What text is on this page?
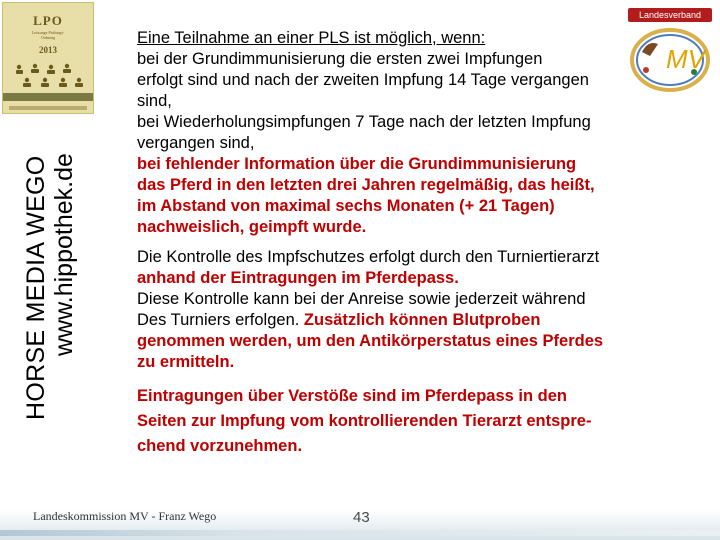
LPO
Leistungs-Prüfungs-
Ordnung
2013
HORSE MEDIA WEGO www.hippothek.de
Landesverband
MV
Eine Teilnahme an einer PLS ist möglich, wenn:
bei der Grundimmunisierung die ersten zwei Impfungen
erfolgt sind und nach der zweiten Impfung 14 Tage vergangen
sind,
bei Wiederholungsimpfungen 7 Tage nach der letzten Impfung
vergangen sind,
bei fehlender Information über die Grundimmunisierung
das Pferd in den letzten drei Jahren regelmäßig, das heißt,
im Abstand von maximal sechs Monaten (+ 21 Tagen)
nachweislich, geimpft wurde.
Die Kontrolle des Impfschutzes erfolgt durch den Turniertierarzt
anhand der Eintragungen im Pferdepass.
Diese Kontrolle kann bei der Anreise sowie jederzeit während
Des Turniers erfolgen. Zusätzlich können Blutproben
genommen werden, um den Antikörperstatus eines Pferdes
zu ermitteln.
Eintragungen über Verstöße sind im Pferdepass in den
Seiten zur Impfung vom kontrollierenden Tierarzt entspre-
chend vorzunehmen.
Landeskommission MV - Franz Wego	43
